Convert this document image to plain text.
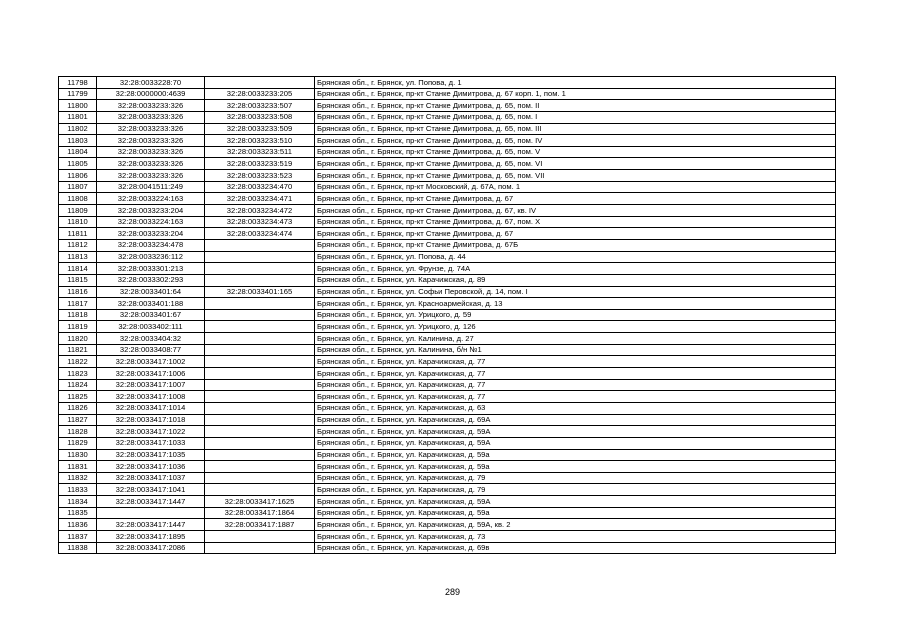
11798	32:28:0033228:70		Брянская обл., г. Брянск, ул. Попова, д. 1
11799	32:28:0000000:4639	32:28:0033233:205	Брянская обл., г. Брянск, пр-кт Станке Димитрова, д. 67 корп. 1, пом. 1
11800	32:28:0033233:326	32:28:0033233:507	Брянская обл., г. Брянск, пр-кт Станке Димитрова, д. 65, пом. II
11801	32:28:0033233:326	32:28:0033233:508	Брянская обл., г. Брянск, пр-кт Станке Димитрова, д. 65, пом. I
11802	32:28:0033233:326	32:28:0033233:509	Брянская обл., г. Брянск, пр-кт Станке Димитрова, д. 65, пом. III
11803	32:28:0033233:326	32:28:0033233:510	Брянская обл., г. Брянск, пр-кт Станке Димитрова, д. 65, пом. IV
11804	32:28:0033233:326	32:28:0033233:511	Брянская обл., г. Брянск, пр-кт Станке Димитрова, д. 65, пом. V
11805	32:28:0033233:326	32:28:0033233:519	Брянская обл., г. Брянск, пр-кт Станке Димитрова, д. 65, пом. VI
11806	32:28:0033233:326	32:28:0033233:523	Брянская обл., г. Брянск, пр-кт Станке Димитрова, д. 65, пом. VII
11807	32:28:0041511:249	32:28:0033234:470	Брянская обл., г. Брянск, пр-кт Московский, д. 67А, пом. 1
11808	32:28:0033224:163	32:28:0033234:471	Брянская обл., г. Брянск, пр-кт Станке Димитрова, д. 67
11809	32:28:0033233:204	32:28:0033234:472	Брянская обл., г. Брянск, пр-кт Станке Димитрова, д. 67, кв. IV
11810	32:28:0033224:163	32:28:0033234:473	Брянская обл., г. Брянск, пр-кт Станке Димитрова, д. 67, пом. X
11811	32:28:0033233:204	32:28:0033234:474	Брянская обл., г. Брянск, пр-кт Станке Димитрова, д. 67
11812	32:28:0033234:478		Брянская обл., г. Брянск, пр-кт Станке Димитрова, д. 67Б
11813	32:28:0033236:112		Брянская обл., г. Брянск, ул. Попова, д. 44
11814	32:28:0033301:213		Брянская обл., г. Брянск, ул. Фрунзе, д. 74А
11815	32:28:0033302:293		Брянская обл., г. Брянск, ул. Карачижская, д. 89
11816	32:28:0033401:64	32:28:0033401:165	Брянская обл., г. Брянск, ул. Софьи Перовской, д. 14, пом. I
11817	32:28:0033401:188		Брянская обл., г. Брянск, ул. Красноармейская, д. 13
11818	32:28:0033401:67		Брянская обл., г. Брянск, ул. Урицкого, д. 59
11819	32:28:0033402:111		Брянская обл., г. Брянск, ул. Урицкого, д. 126
11820	32:28:0033404:32		Брянская обл., г. Брянск, ул. Калинина, д. 27
11821	32:28:0033408:77		Брянская обл., г. Брянск, ул. Калинина, б/н №1
11822	32:28:0033417:1002		Брянская обл., г. Брянск, ул. Карачижская, д. 77
11823	32:28:0033417:1006		Брянская обл., г. Брянск, ул. Карачижская, д. 77
11824	32:28:0033417:1007		Брянская обл., г. Брянск, ул. Карачижская, д. 77
11825	32:28:0033417:1008		Брянская обл., г. Брянск, ул. Карачижская, д. 77
11826	32:28:0033417:1014		Брянская обл., г. Брянск, ул. Карачижская, д. 63
11827	32:28:0033417:1018		Брянская обл., г. Брянск, ул. Карачижская, д. 69А
11828	32:28:0033417:1022		Брянская обл., г. Брянск, ул. Карачижская, д. 59А
11829	32:28:0033417:1033		Брянская обл., г. Брянск, ул. Карачижская, д. 59А
11830	32:28:0033417:1035		Брянская обл., г. Брянск, ул. Карачижская, д. 59а
11831	32:28:0033417:1036		Брянская обл., г. Брянск, ул. Карачижская, д. 59а
11832	32:28:0033417:1037		Брянская обл., г. Брянск, ул. Карачижская, д. 79
11833	32:28:0033417:1041		Брянская обл., г. Брянск, ул. Карачижская, д. 79
11834	32:28:0033417:1447	32:28:0033417:1625	Брянская обл., г. Брянск, ул. Карачижская, д. 59А
11835		32:28:0033417:1864	Брянская обл., г. Брянск, ул. Карачижская, д. 59а
11836	32:28:0033417:1447	32:28:0033417:1887	Брянская обл., г. Брянск, ул. Карачижская, д. 59А, кв. 2
11837	32:28:0033417:1895		Брянская обл., г. Брянск, ул. Карачижская, д. 73
11838	32:28:0033417:2086		Брянская обл., г. Брянск, ул. Карачижская, д. 69в
289
